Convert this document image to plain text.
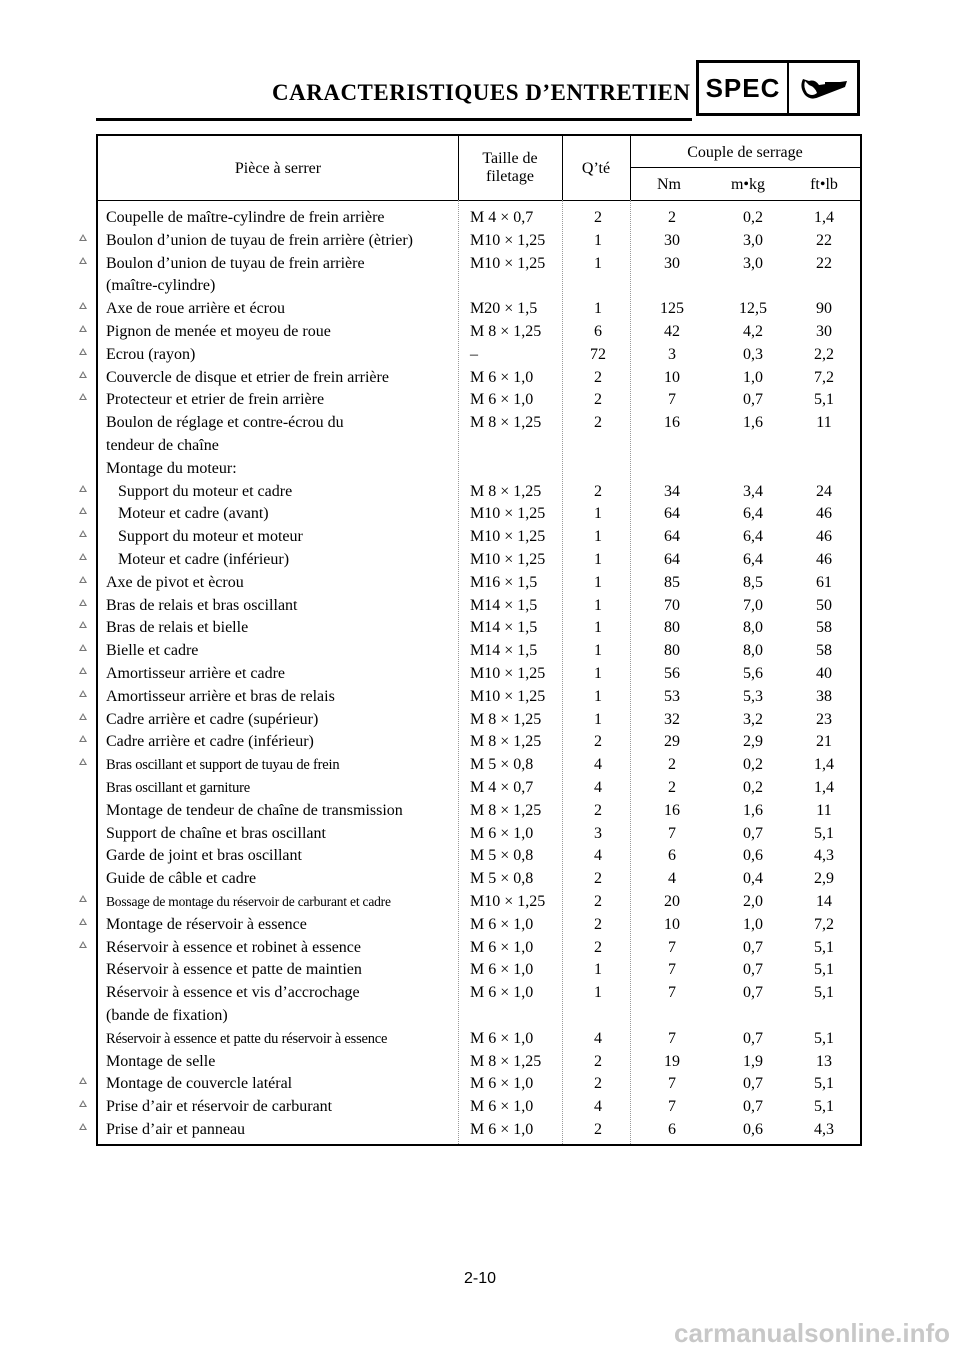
CARACTERISTIQUES D’ENTRETIEN SPEC
Pièce à serrer
Taille de
filetage	Q’té
Couple de serrage
Nm	m•kg	ft•lb
Coupelle de maître-cylindre de frein arrière	M 4 × 0,7	2	2	0,2	1,4
Boulon d’union de tuyau de frein arrière (ètrier)	M10 × 1,25	1	30	3,0	22
Boulon d’union de tuyau de frein arrière	M10 × 1,25	1	30	3,0	22
(maître-cylindre)
Axe de roue arrière et écrou	M20 × 1,5	1	125	12,5	90
Pignon de menée et moyeu de roue	M 8 × 1,25	6	42	4,2	30
Ecrou (rayon)	–	72	3	0,3	2,2
Couvercle de disque et etrier de frein arrière	M 6 × 1,0	2	10	1,0	7,2
Protecteur et etrier de frein arrière	M 6 × 1,0	2	7	0,7	5,1
Boulon de réglage et contre-écrou du	M 8 × 1,25	2	16	1,6	11
tendeur de chaîne
Montage du moteur:
Support du moteur et cadre	M 8 × 1,25	2	34	3,4	24
Moteur et cadre (avant)	M10 × 1,25	1	64	6,4	46
Support du moteur et moteur	M10 × 1,25	1	64	6,4	46
Moteur et cadre (inférieur)	M10 × 1,25	1	64	6,4	46
Axe de pivot et ècrou	M16 × 1,5	1	85	8,5	61
Bras de relais et bras oscillant	M14 × 1,5	1	70	7,0	50
Bras de relais et bielle	M14 × 1,5	1	80	8,0	58
Bielle et cadre	M14 × 1,5	1	80	8,0	58
Amortisseur arrière et cadre	M10 × 1,25	1	56	5,6	40
Amortisseur arrière et bras de relais	M10 × 1,25	1	53	5,3	38
Cadre arrière et cadre (supérieur)	M 8 × 1,25	1	32	3,2	23
Cadre arrière et cadre (inférieur)	M 8 × 1,25	2	29	2,9	21
Bras oscillant et support de tuyau de frein	M 5 × 0,8	4	2	0,2	1,4
Bras oscillant et garniture	M 4 × 0,7	4	2	0,2	1,4
Montage de tendeur de chaîne de transmission	M 8 × 1,25	2	16	1,6	11
Support de chaîne et bras oscillant	M 6 × 1,0	3	7	0,7	5,1
Garde de joint et bras oscillant	M 5 × 0,8	4	6	0,6	4,3
Guide de câble et cadre	M 5 × 0,8	2	4	0,4	2,9
Bossage de montage du réservoir de carburant et cadre	M10 × 1,25	2	20	2,0	14
Montage de réservoir à essence	M 6 × 1,0	2	10	1,0	7,2
Réservoir à essence et robinet à essence	M 6 × 1,0	2	7	0,7	5,1
Réservoir à essence et patte de maintien	M 6 × 1,0	1	7	0,7	5,1
Réservoir à essence et vis d’accrochage	M 6 × 1,0	1	7	0,7	5,1
(bande de fixation)
Réservoir à essence et patte du réservoir à essence	M 6 × 1,0	4	7	0,7	5,1
Montage de selle	M 8 × 1,25	2	19	1,9	13
Montage de couvercle latéral	M 6 × 1,0	2	7	0,7	5,1
Prise d’air et réservoir de carburant	M 6 × 1,0	4	7	0,7	5,1
Prise d’air et panneau	M 6 × 1,0	2	6	0,6	4,3
2-10
carmanualsonline.info
